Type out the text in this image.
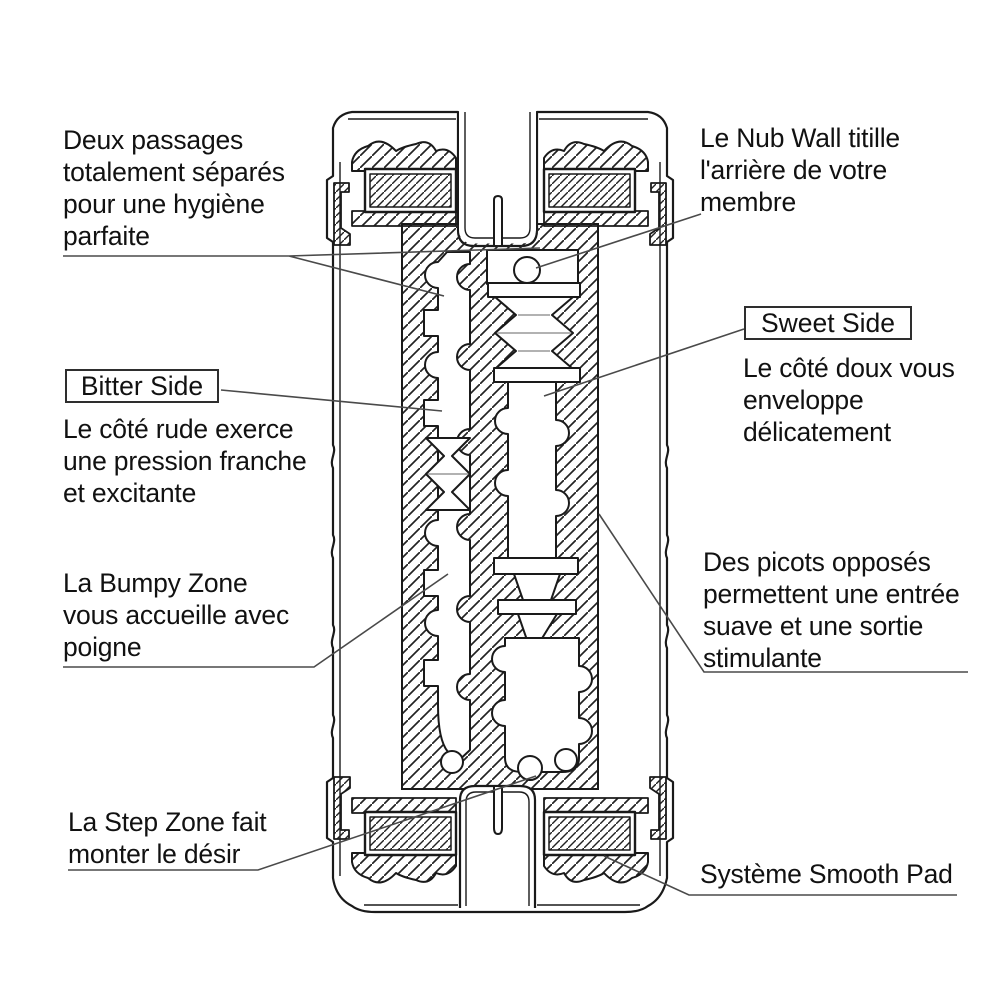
Deux passages
totalement séparés
pour une hygiène
parfaite
Le Nub Wall titille
l'arrière de votre
membre
Sweet Side
Le côté doux vous
enveloppe
délicatement
Bitter Side
Le côté rude exerce
une pression franche
et excitante
La Bumpy Zone
vous accueille avec
poigne
Des picots opposés
permettent une entrée
suave et une sortie
stimulante
La Step Zone fait
monter le désir
Système Smooth Pad
